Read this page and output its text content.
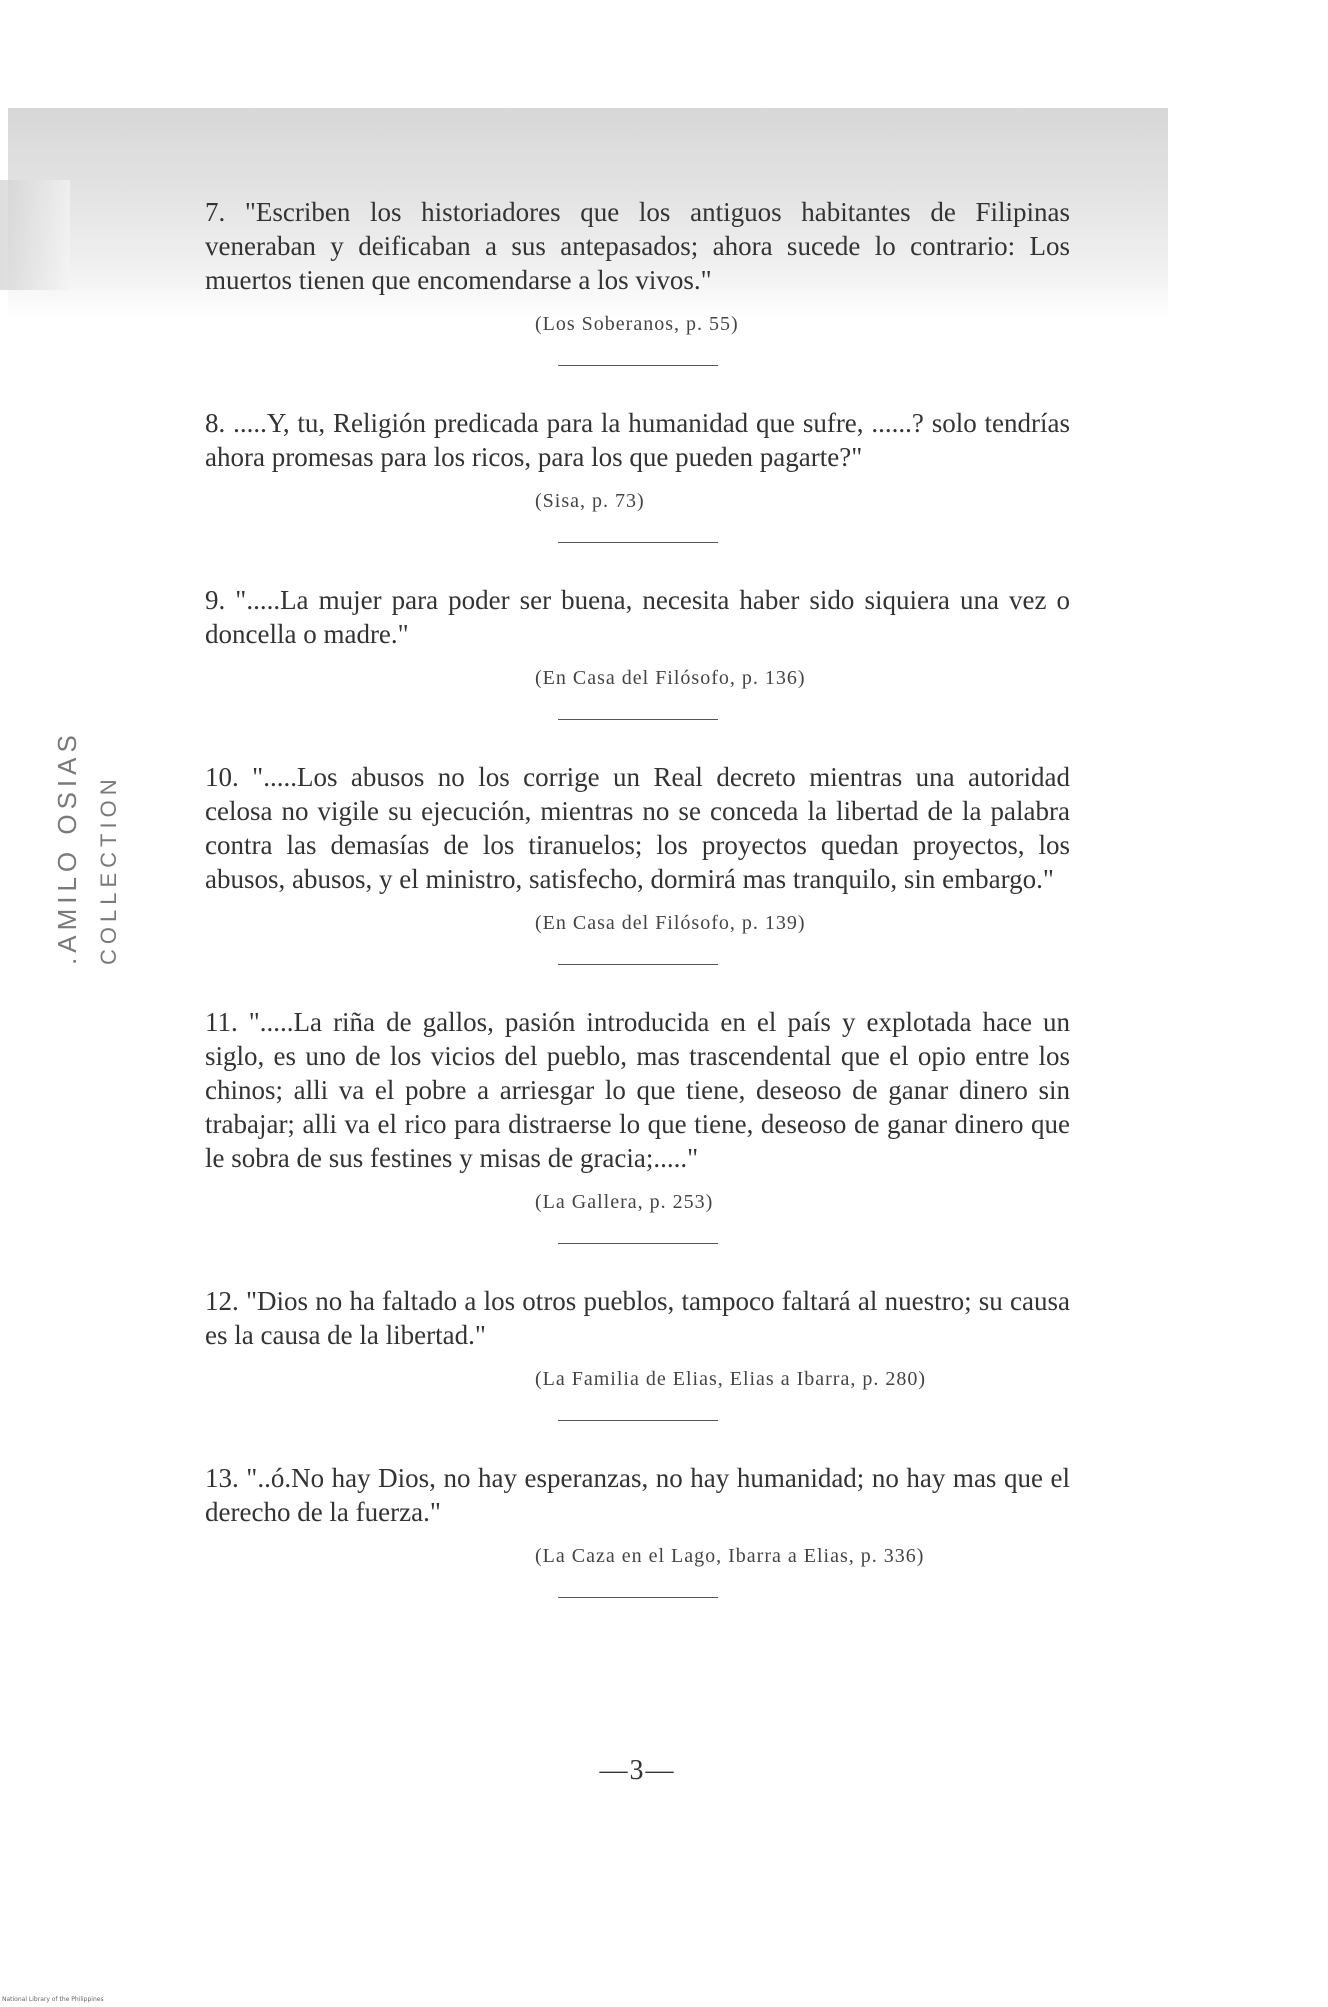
.AMILO OSIAS COLLECTION

7. "Escriben los historiadores que los antiguos habitantes de Filipinas veneraban y deificaban a sus antepasados; ahora sucede lo contrario: Los muertos tienen que encomendarse a los vivos."

(Los Soberanos, p. 55)

8. .....Y, tu, Religión predicada para la humanidad que sufre, ......? solo tendrías ahora promesas para los ricos, para los que pueden pagarte?"

(Sisa, p. 73)

9. ".....La mujer para poder ser buena, necesita haber sido siquiera una vez o doncella o madre."

(En Casa del Filósofo, p. 136)

10. ".....Los abusos no los corrige un Real decreto mientras una autoridad celosa no vigile su ejecución, mientras no se conceda la libertad de la palabra contra las demasías de los tiranuelos; los proyectos quedan proyectos, los abusos, abusos, y el ministro, satisfecho, dormirá mas tranquilo, sin embargo."

(En Casa del Filósofo, p. 139)

11. ".....La riña de gallos, pasión introducida en el país y explotada hace un siglo, es uno de los vicios del pueblo, mas trascendental que el opio entre los chinos; alli va el pobre a arriesgar lo que tiene, deseoso de ganar dinero sin trabajar; alli va el rico para distraerse lo que tiene, deseoso de ganar dinero que le sobra de sus festines y misas de gracia;....."

(La Gallera, p. 253)

12. "Dios no ha faltado a los otros pueblos, tampoco faltará al nuestro; su causa es la causa de la libertad."

(La Familia de Elias, Elias a Ibarra, p. 280)

13. "..ó.No hay Dios, no hay esperanzas, no hay humanidad; no hay mas que el derecho de la fuerza."

(La Caza en el Lago, Ibarra a Elias, p. 336)

—3—
National Library of the Philippines
